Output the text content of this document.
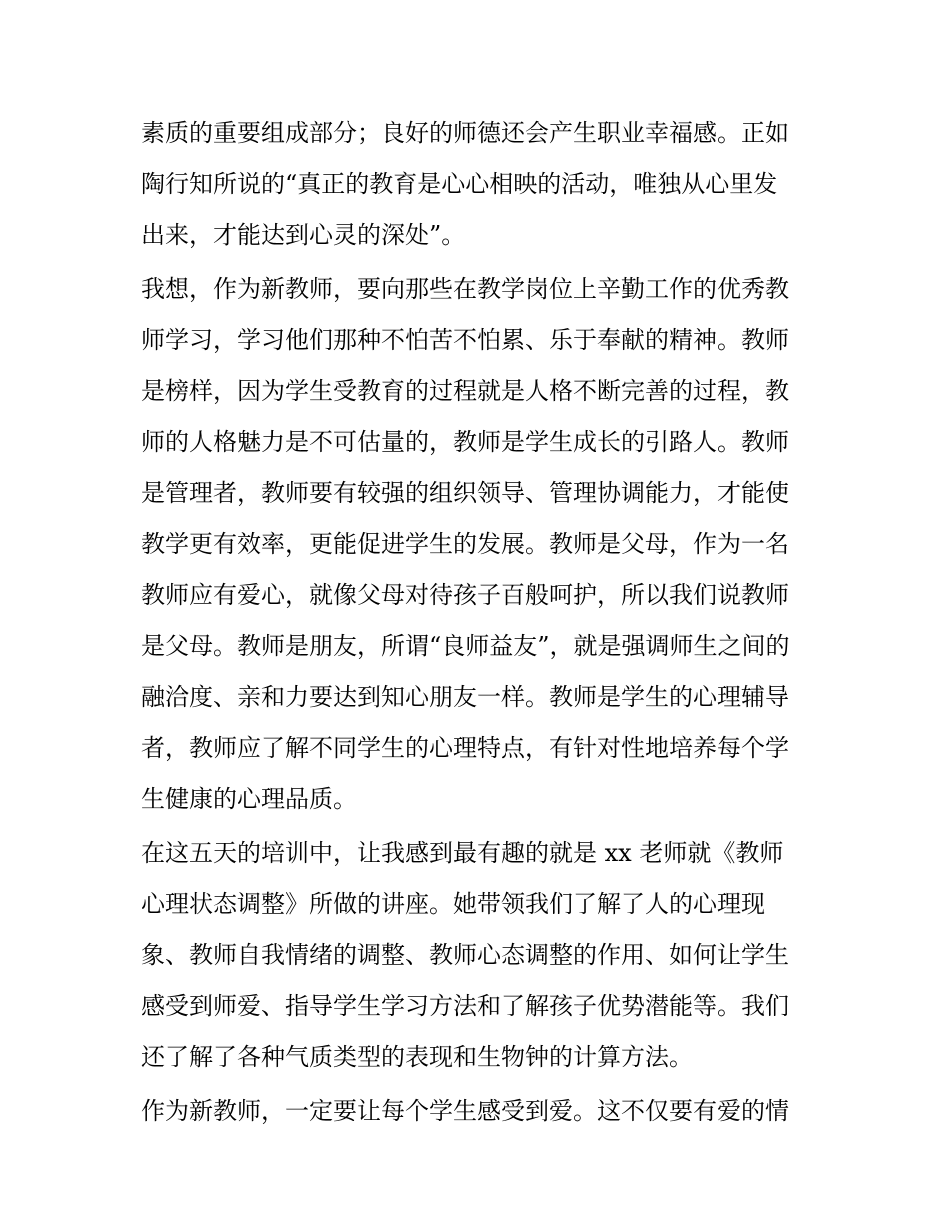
素质的重要组成部分；良好的师德还会产生职业幸福感。正如
陶行知所说的“真正的教育是心心相映的活动，唯独从心里发
出来，才能达到心灵的深处”。
我想，作为新教师，要向那些在教学岗位上辛勤工作的优秀教
师学习，学习他们那种不怕苦不怕累、乐于奉献的精神。教师
是榜样，因为学生受教育的过程就是人格不断完善的过程，教
师的人格魅力是不可估量的，教师是学生成长的引路人。教师
是管理者，教师要有较强的组织领导、管理协调能力，才能使
教学更有效率，更能促进学生的发展。教师是父母，作为一名
教师应有爱心，就像父母对待孩子百般呵护，所以我们说教师
是父母。教师是朋友，所谓“良师益友”，就是强调师生之间的
融洽度、亲和力要达到知心朋友一样。教师是学生的心理辅导
者，教师应了解不同学生的心理特点，有针对性地培养每个学
生健康的心理品质。
在这五天的培训中，让我感到最有趣的就是 xx 老师就《教师
心理状态调整》所做的讲座。她带领我们了解了人的心理现
象、教师自我情绪的调整、教师心态调整的作用、如何让学生
感受到师爱、指导学生学习方法和了解孩子优势潜能等。我们
还了解了各种气质类型的表现和生物钟的计算方法。
作为新教师，一定要让每个学生感受到爱。这不仅要有爱的情
